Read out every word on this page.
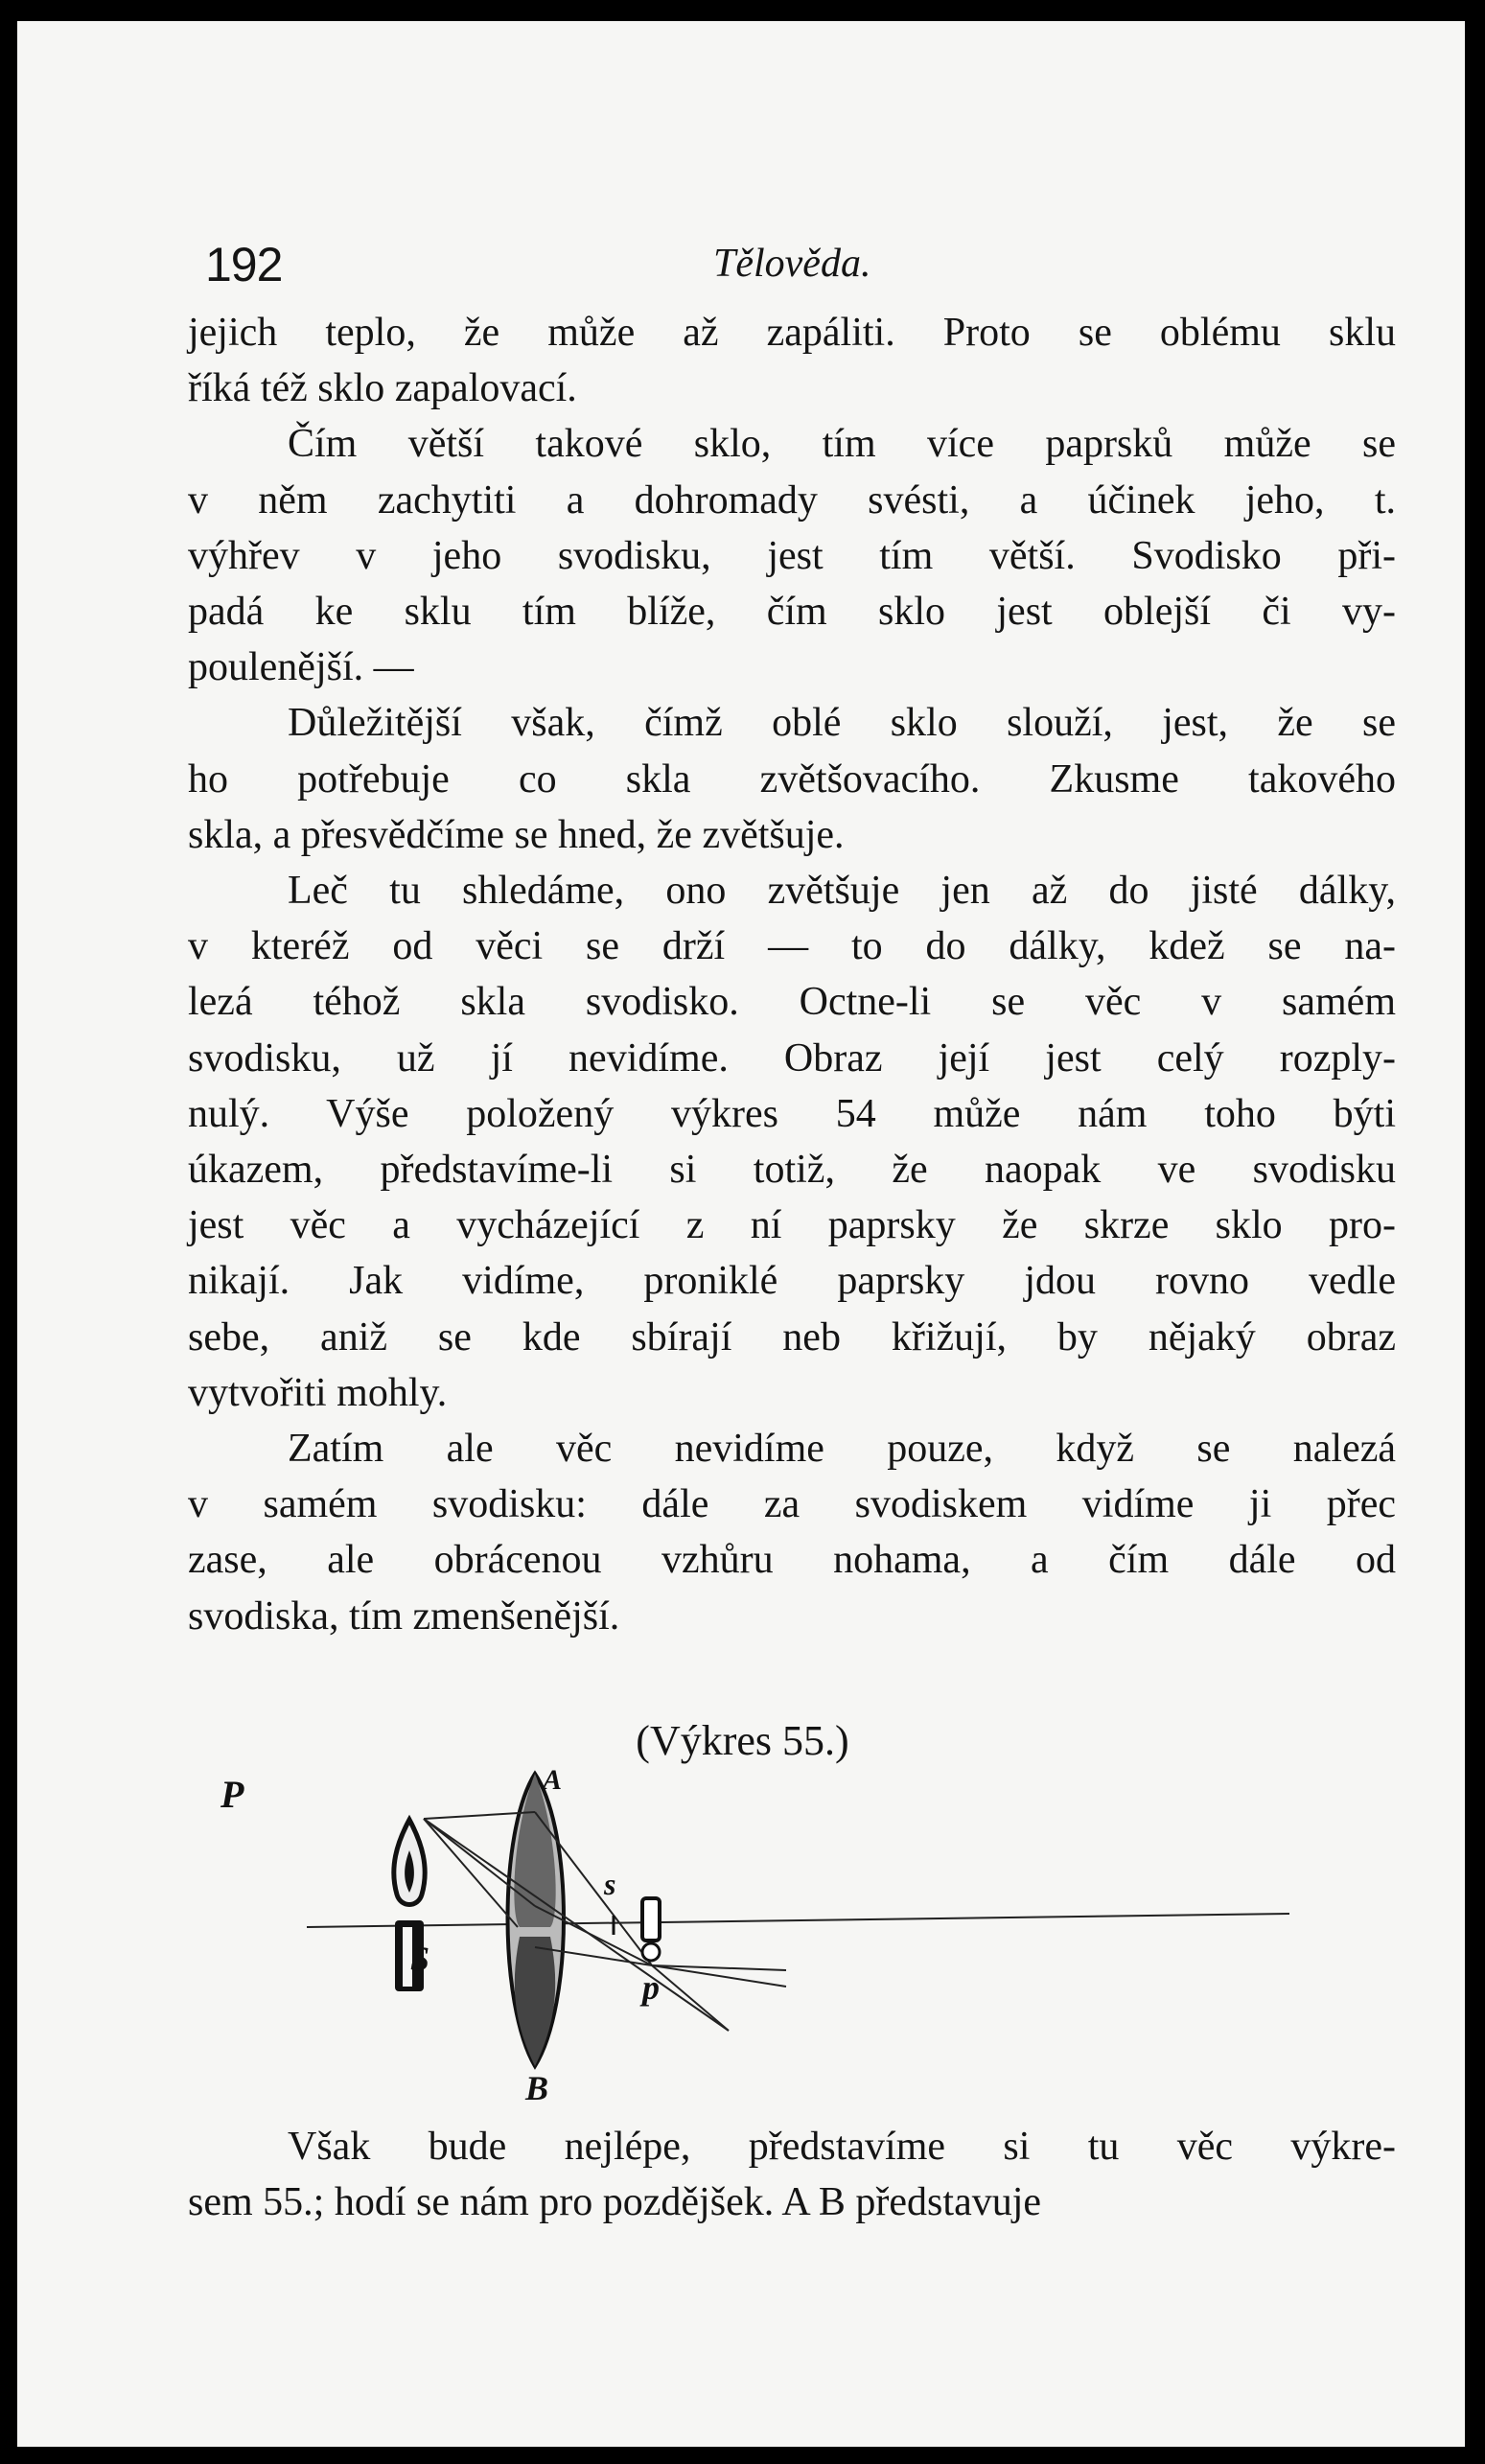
192	Tělověda.

jejich teplo, že může až zapáliti. Proto se oblému sklu

říká též sklo zapalovací.

Čím větší takové sklo, tím více paprsků může se

v něm zachytiti a dohromady svésti, a účinek jeho, t.

výhřev v jeho svodisku, jest tím větší. Svodisko při-

padá ke sklu tím blíže, čím sklo jest oblejší či vy-

poulenější. —

Důležitější však, čímž oblé sklo slouží, jest, že se

ho potřebuje co skla zvětšovacího. Zkusme takového

skla, a přesvědčíme se hned, že zvětšuje.

Leč tu shledáme, ono zvětšuje jen až do jisté dálky,

v kteréž od věci se drží — to do dálky, kdež se na-

lezá téhož skla svodisko. Octne-li se věc v samém

svodisku, už jí nevidíme. Obraz její jest celý rozply-

nulý. Výše položený výkres 54 může nám toho býti

úkazem, představíme-li si totiž, že naopak ve svodisku

jest věc a vycházející z ní paprsky že skrze sklo pro-

nikají. Jak vidíme, proniklé paprsky jdou rovno vedle

sebe, aniž se kde sbírají neb křižují, by nějaký obraz

vytvořiti mohly.

Zatím ale věc nevidíme pouze, když se nalezá

v samém svodisku: dále za svodiskem vidíme ji přec

zase, ale obrácenou vzhůru nohama, a čím dále od

svodiska, tím zmenšenější.

(Výkres 55.)
P	A
B
S
s
p

Však bude nejlépe, představíme si tu věc výkre-

sem 55.; hodí se nám pro pozdějšek. A B představuje
